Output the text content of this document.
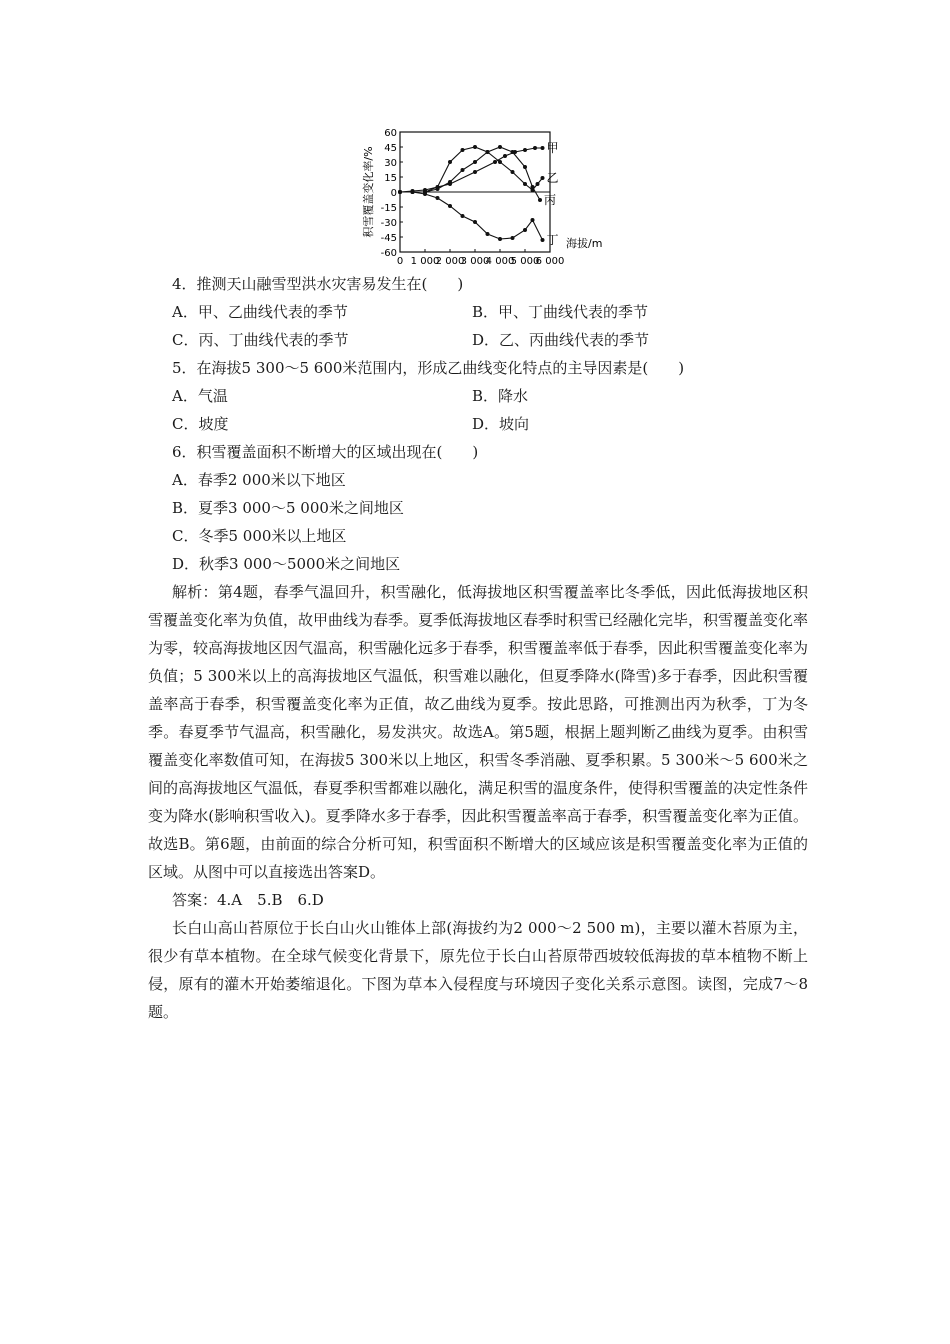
积雪覆盖变化率/%
海拔/m
60
45
30
15
0
-15
-30
-45
-60
0 1 000
2 000
3 000
4 000
5 000
6 000
甲
乙
丙
丁
4．推测天山融雪型洪水灾害易发生在(　　)
A．甲、乙曲线代表的季节	B．甲、丁曲线代表的季节
C．丙、丁曲线代表的季节	D．乙、丙曲线代表的季节
5．在海拔5 300～5 600米范围内，形成乙曲线变化特点的主导因素是(　　)
A．气温	B．降水
C．坡度	D．坡向
6．积雪覆盖面积不断增大的区域出现在(　　)
A．春季2 000米以下地区
B．夏季3 000～5 000米之间地区
C．冬季5 000米以上地区
D．秋季3 000～5000米之间地区

解析：第4题，春季气温回升，积雪融化，低海拔地区积雪覆盖率比冬季低，因此低海拔地区积雪覆盖变化率为负值，故甲曲线为春季。夏季低海拔地区春季时积雪已经融化完毕，积雪覆盖变化率为零，较高海拔地区因气温高，积雪融化远多于春季，积雪覆盖率低于春季，因此积雪覆盖变化率为负值；5 300米以上的高海拔地区气温低，积雪难以融化，但夏季降水(降雪)多于春季，因此积雪覆盖率高于春季，积雪覆盖变化率为正值，故乙曲线为夏季。按此思路，可推测出丙为秋季，丁为冬季。春夏季节气温高，积雪融化，易发洪灾。故选A。第5题，根据上题判断乙曲线为夏季。由积雪覆盖变化率数值可知，在海拔5 300米以上地区，积雪冬季消融、夏季积累。5 300米～5 600米之间的高海拔地区气温低，春夏季积雪都难以融化，满足积雪的温度条件，使得积雪覆盖的决定性条件变为降水(影响积雪收入)。夏季降水多于春季，因此积雪覆盖率高于春季，积雪覆盖变化率为正值。故选B。第6题，由前面的综合分析可知，积雪面积不断增大的区域应该是积雪覆盖变化率为正值的区域。从图中可以直接选出答案D。

答案：4.A　5.B　6.D

长白山高山苔原位于长白山火山锥体上部(海拔约为2 000～2 500 m)，主要以灌木苔原为主，很少有草本植物。在全球气候变化背景下，原先位于长白山苔原带西坡较低海拔的草本植物不断上侵，原有的灌木开始萎缩退化。下图为草本入侵程度与环境因子变化关系示意图。读图，完成7～8题。
